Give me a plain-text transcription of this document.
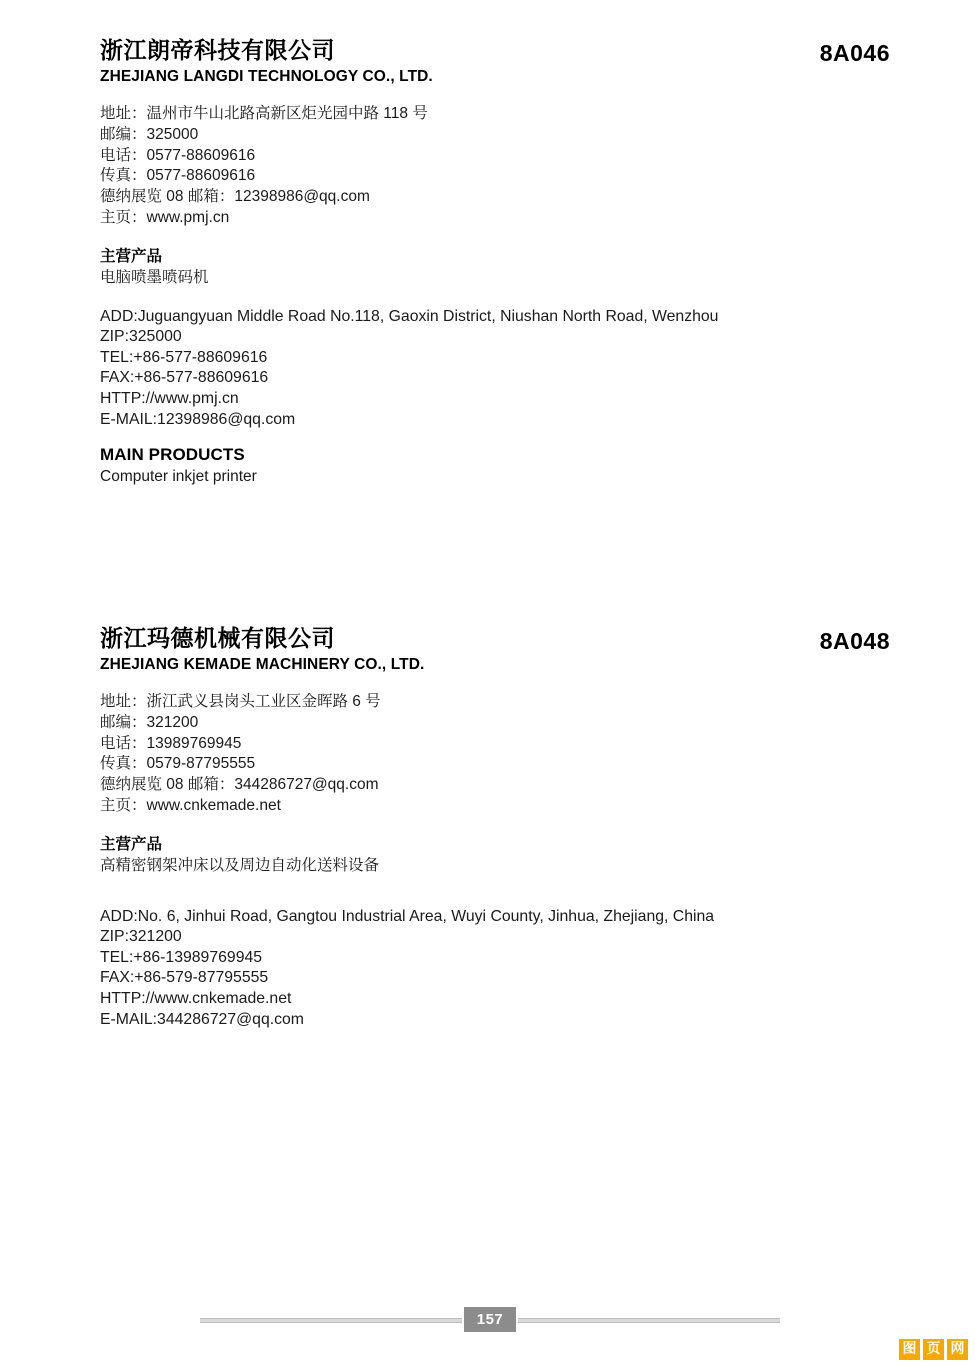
浙江朗帝科技有限公司
ZHEJIANG LANGDI TECHNOLOGY CO., LTD.
8A046
地址：温州市牛山北路高新区炬光园中路 118 号
邮编：325000
电话：0577-88609616
传真：0577-88609616
德纳展览 08 邮箱：12398986@qq.com
主页：www.pmj.cn
主营产品
电脑喷墨喷码机
ADD:Juguangyuan Middle Road No.118, Gaoxin District, Niushan North Road, Wenzhou
ZIP:325000
TEL:+86-577-88609616
FAX:+86-577-88609616
HTTP://www.pmj.cn
E-MAIL:12398986@qq.com
MAIN PRODUCTS
Computer inkjet printer
浙江玛德机械有限公司
ZHEJIANG KEMADE MACHINERY CO., LTD.
8A048
地址：浙江武义县岗头工业区金晖路 6 号
邮编：321200
电话：13989769945
传真：0579-87795555
德纳展览 08 邮箱：344286727@qq.com
主页：www.cnkemade.net
主营产品
高精密钢架冲床以及周边自动化送料设备
ADD:No. 6, Jinhui Road, Gangtou Industrial Area, Wuyi County, Jinhua, Zhejiang, China
ZIP:321200
TEL:+86-13989769945
FAX:+86-579-87795555
HTTP://www.cnkemade.net
E-MAIL:344286727@qq.com
157
图 页 网
